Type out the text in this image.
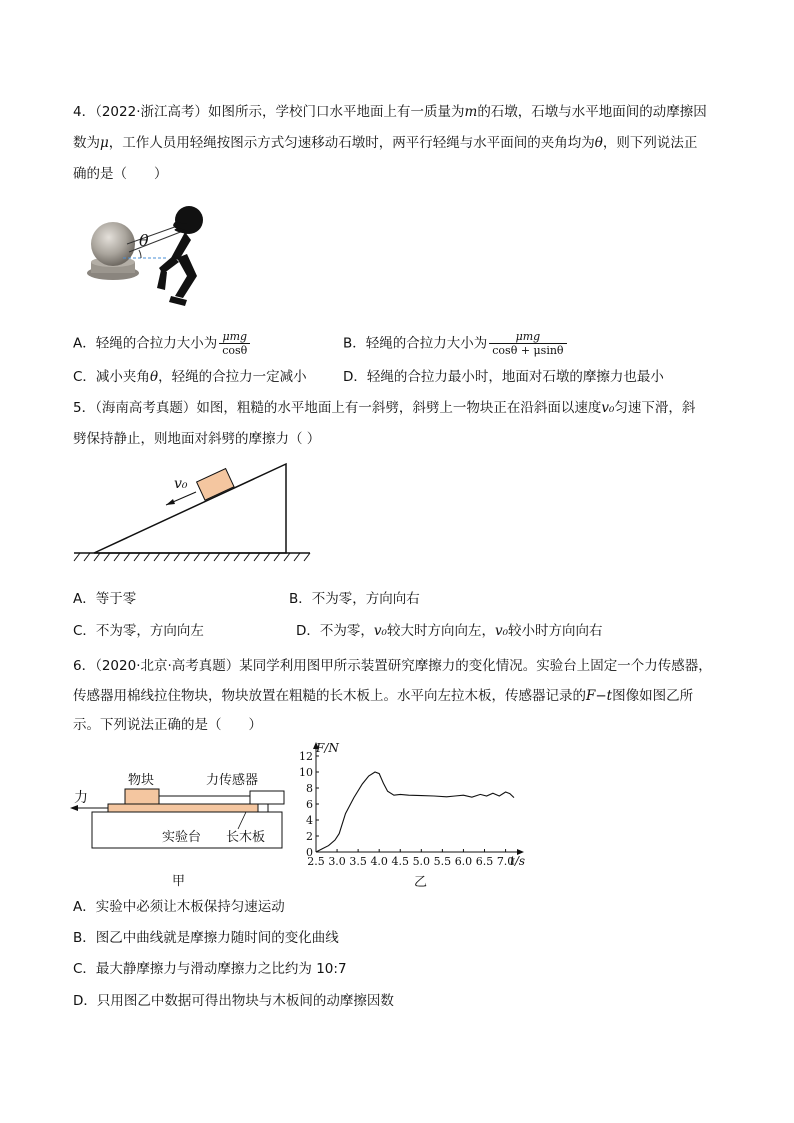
4．（2022·浙江高考）如图所示，学校门口水平地面上有一质量为m的石墩，石墩与水平地面间的动摩擦因
数为μ，工作人员用轻绳按图示方式匀速移动石墩时，两平行轻绳与水平面间的夹角均为θ，则下列说法正
确的是（　　）
θ
A．轻绳的合拉力大小为 $\frac{\text{μmg}}{\cos\theta}$	B．轻绳的合拉力大小为 $\frac{\text{μmg}}{\cos\theta + \mu\sin\theta}$
C．减小夹角θ，轻绳的合拉力一定减小	D．轻绳的合拉力最小时，地面对石墩的摩擦力也最小
5．（海南高考真题）如图，粗糙的水平地面上有一斜劈，斜劈上一物块正在沿斜面以速度v₀匀速下滑，斜
劈保持静止，则地面对斜劈的摩擦力（ ）
v₀
A．等于零	B．不为零，方向向右
C．不为零，方向向左	D．不为零，v₀较大时方向向左，v₀较小时方向向右
6．（2020·北京·高考真题）某同学利用图甲所示装置研究摩擦力的变化情况。实验台上固定一个力传感器，
传感器用棉线拉住物块，物块放置在粗糙的长木板上。水平向左拉木板，传感器记录的F−t图像如图乙所
示。下列说法正确的是（　　）
力
物块	力传感器
实验台 长木板
甲
0
2
4
6
8
10
12
2.5 3.0 3.5 4.0 4.5 5.0 5.5 6.0 6.5 7.0
F/N
t/s
乙
A．实验中必须让木板保持匀速运动
B．图乙中曲线就是摩擦力随时间的变化曲线
C．最大静摩擦力与滑动摩擦力之比约为 10:7
D．只用图乙中数据可得出物块与木板间的动摩擦因数
